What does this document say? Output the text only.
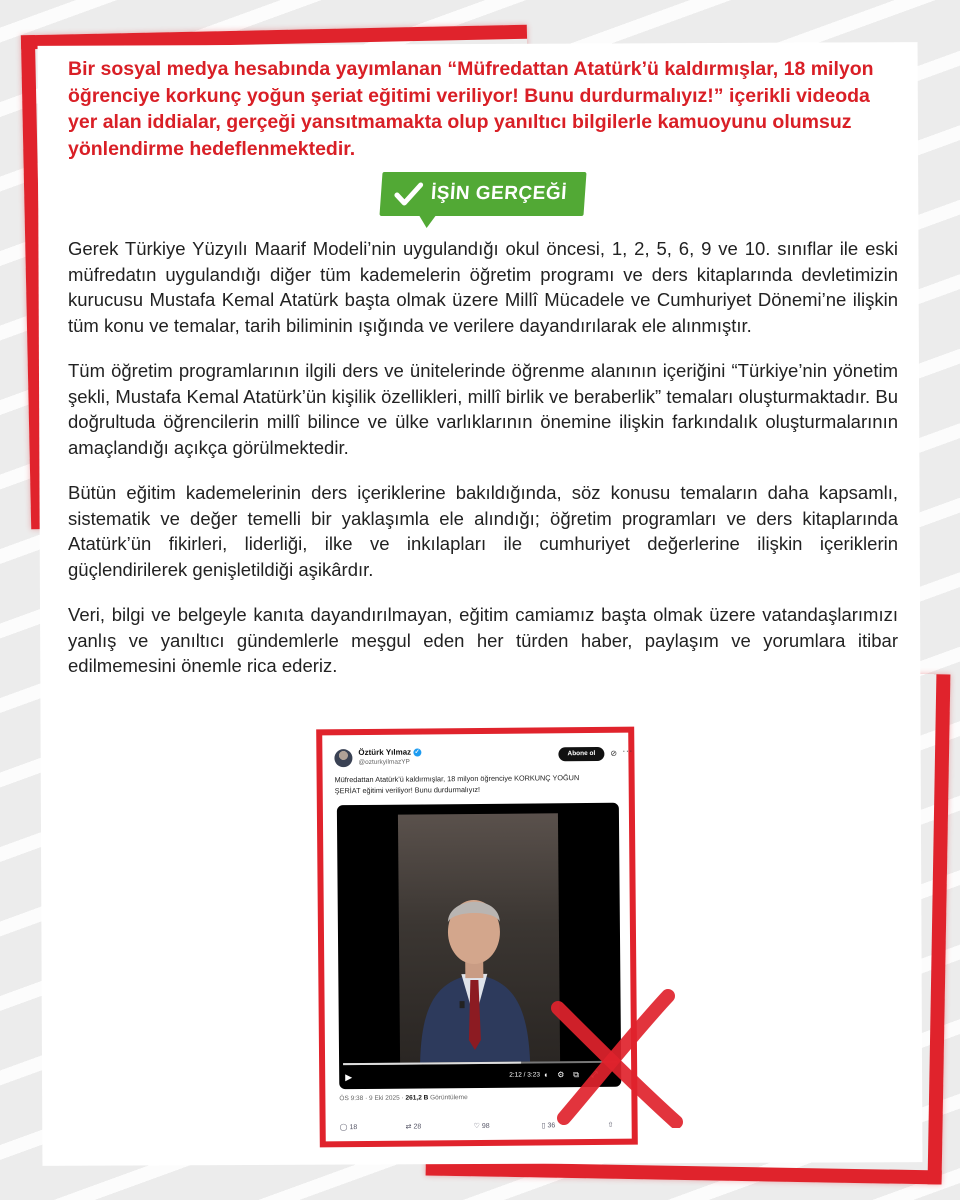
Bir sosyal medya hesabında yayımlanan “Müfredattan Atatürk’ü kaldırmışlar, 18 milyon öğrenciye korkunç yoğun şeriat eğitimi veriliyor! Bunu durdurmalıyız!” içerikli videoda yer alan iddialar, gerçeği yansıtmamakta olup yanıltıcı bilgilerle kamuoyunu olumsuz yönlendirme hedeflenmektedir.

İŞİN GERÇEĞİ

Gerek Türkiye Yüzyılı Maarif Modeli’nin uygulandığı okul öncesi, 1, 2, 5, 6, 9 ve 10. sınıflar ile eski müfredatın uygulandığı diğer tüm kademelerin öğretim programı ve ders kitaplarında devletimizin kurucusu Mustafa Kemal Atatürk başta olmak üzere Millî Mücadele ve Cumhuriyet Dönemi’ne ilişkin tüm konu ve temalar, tarih biliminin ışığında ve verilere dayandırılarak ele alınmıştır.

Tüm öğretim programlarının ilgili ders ve ünitelerinde öğrenme alanının içeriğini “Türkiye’nin yönetim şekli, Mustafa Kemal Atatürk’ün kişilik özellikleri, millî birlik ve beraberlik” temaları oluşturmaktadır. Bu doğrultuda öğrencilerin millî bilince ve ülke varlıklarının önemine ilişkin farkındalık oluşturmalarının amaçlandığı açıkça görülmektedir.

Bütün eğitim kademelerinin ders içeriklerine bakıldığında, söz konusu temaların daha kapsamlı, sistematik ve değer temelli bir yaklaşımla ele alındığı; öğretim programları ve ders kitaplarında Atatürk’ün fikirleri, liderliği, ilke ve inkılapları ile cumhuriyet değerlerine ilişkin içeriklerin güçlendirilerek genişletildiği aşikârdır.

Veri, bilgi ve belgeyle kanıta dayandırılmayan, eğitim camiamız başta olmak üzere vatandaşlarımızı yanlış ve yanıltıcı gündemlerle meşgul eden her türden haber, paylaşım ve yorumlara itibar edilmemesini önemle rica ederiz.

Öztürk Yılmaz ✓
@ozturkyilmazYP
Abone ol	⊘ ···
Müfredattan Atatürk'ü kaldırmışlar, 18 milyon öğrenciye KORKUNÇ YOĞUN ŞERİAT eğitimi veriliyor! Bunu durdurmalıyız!
▶	2:12 / 3:23 ◖ ⚙ ⧉ ⤢
ÖS 9:38 · 9 Eki 2025 · 261,2 B Görüntüleme
◯ 18	⇄ 28	♡ 98	▯ 36	⇧
